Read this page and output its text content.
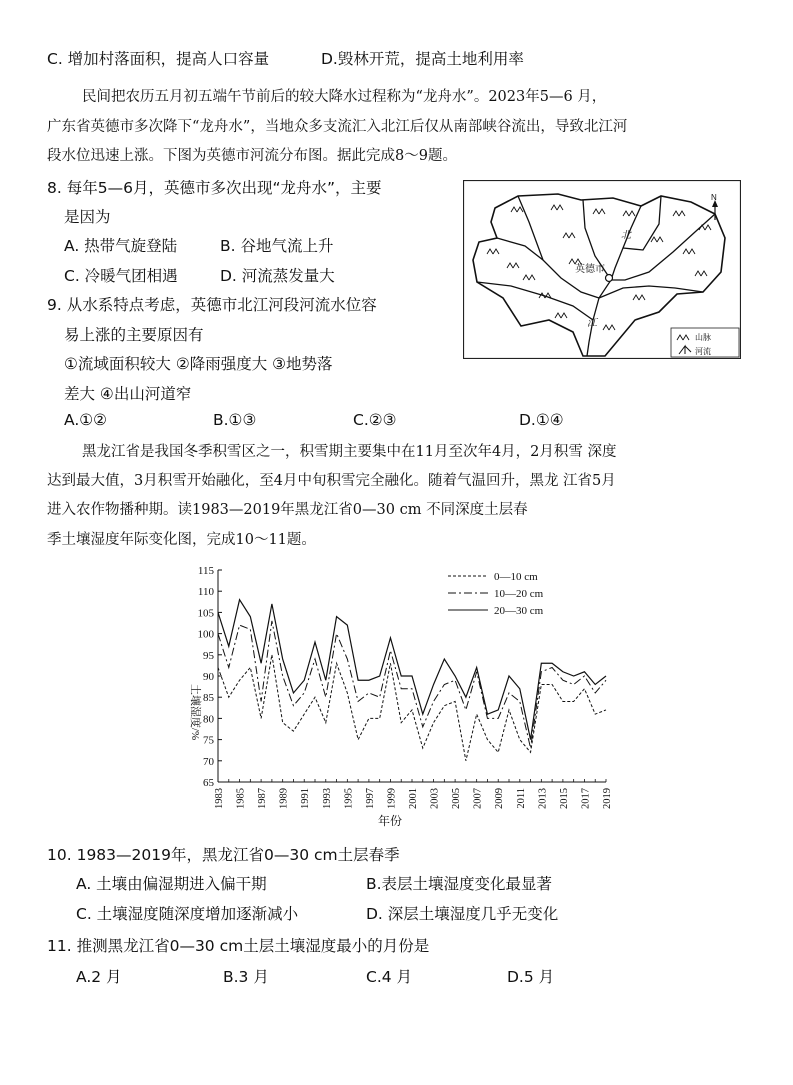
C. 增加村落面积，提高人口容量	D.毁林开荒，提高土地利用率
民间把农历五月初五端午节前后的较大降水过程称为“龙舟水”。2023年5—6 月，
广东省英德市多次降下“龙舟水”，当地众多支流汇入北江后仅从南部峡谷流出，导致北江河
段水位迅速上涨。下图为英德市河流分布图。据此完成8～9题。
8. 每年5—6月，英德市多次出现“龙舟水”，主要
是因为
A. 热带气旋登陆	B. 谷地气流上升
C. 冷暖气团相遇	D. 河流蒸发量大
9. 从水系特点考虑，英德市北江河段河流水位容
易上涨的主要原因有
①流域面积较大 ②降雨强度大 ③地势落
差大 ④出山河道窄
A.①②	B.①③	C.②③	D.①④
英德市
北
江
N
山脉
河流
黑龙江省是我国冬季积雪区之一，积雪期主要集中在11月至次年4月，2月积雪 深度
达到最大值，3月积雪开始融化，至4月中旬积雪完全融化。随着气温回升，黑龙 江省5月
进入农作物播种期。读1983—2019年黑龙江省0—30 cm 不同深度土层春
季土壤湿度年际变化图，完成10～11题。
65
70
75
80
85
90
95
100
105
110
115
1983 1985 1987 1989 1991 1993 1995 1997 1999 2001 2003 2005 2007 2009 2011 2013 2015 2017 2019
0—10 cm
10—20 cm
20—30 cm
年份
土壤湿度/%
10. 1983—2019年，黑龙江省0—30 cm土层春季
A. 土壤由偏湿期进入偏干期	B.表层土壤湿度变化最显著
C. 土壤湿度随深度增加逐渐减小	D. 深层土壤湿度几乎无变化
11. 推测黑龙江省0—30 cm土层土壤湿度最小的月份是
A.2 月	B.3 月	C.4 月	D.5 月
